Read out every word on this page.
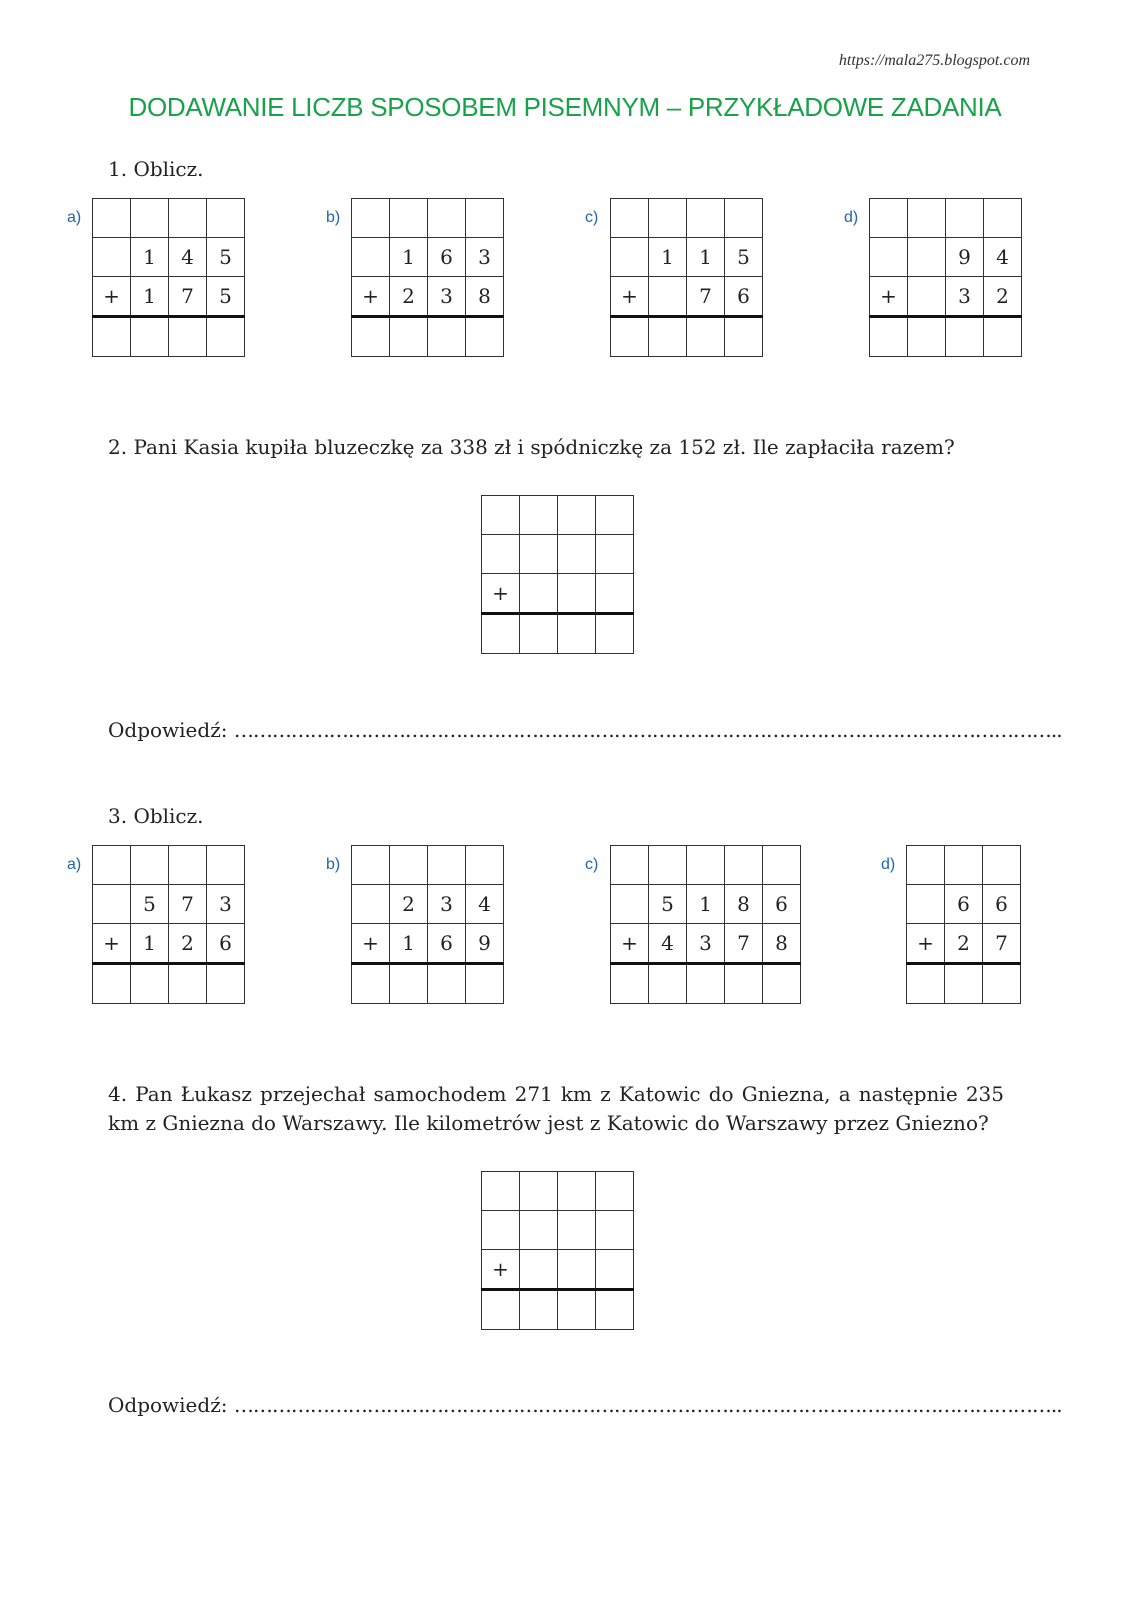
https://mala275.blogspot.com
DODAWANIE LICZB SPOSOBEM PISEMNYM – PRZYKŁADOWE ZADANIA
1. Oblicz.
a)

	1	4	5
+	1	7	5

b)

	1	6	3
+	2	3	8

c)

	1	1	5
+		7	6

d)

		9	4
+		3	2

2. Pani Kasia kupiła bluzeczkę za 338 zł i spódniczkę za 152 zł. Ile zapłaciła razem?

+			

Odpowiedź: …………………………………………………………………………………………………………………..
3. Oblicz.
a)

	5	7	3
+	1	2	6

b)

	2	3	4
+	1	6	9

c)

	5	1	8	6
+	4	3	7	8

d)

	6	6
+	2	7

4. Pan Łukasz przejechał samochodem 271 km z Katowic do Gniezna, a następnie 235 km z Gniezna do Warszawy. Ile kilometrów jest z Katowic do Warszawy przez Gniezno?

+			

Odpowiedź: …………………………………………………………………………………………………………………..
